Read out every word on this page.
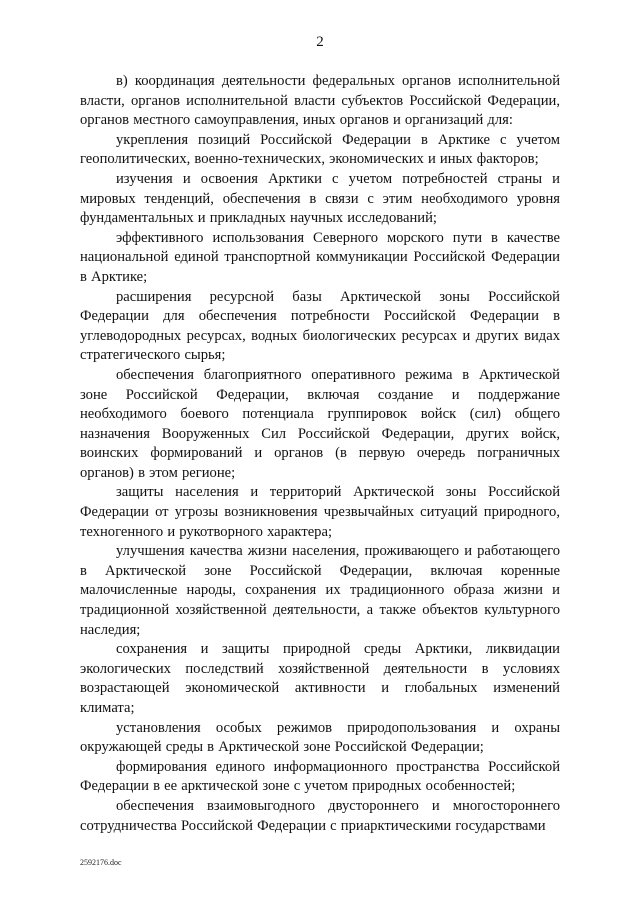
2

в) координация деятельности федеральных органов исполнительной власти, органов исполнительной власти субъектов Российской Федерации, органов местного самоуправления, иных органов и организаций для:

укрепления позиций Российской Федерации в Арктике с учетом геополитических, военно-технических, экономических и иных факторов;

изучения и освоения Арктики с учетом потребностей страны и мировых тенденций, обеспечения в связи с этим необходимого уровня фундаментальных и прикладных научных исследований;

эффективного использования Северного морского пути в качестве национальной единой транспортной коммуникации Российской Федерации в Арктике;

расширения ресурсной базы Арктической зоны Российской Федерации для обеспечения потребности Российской Федерации в углеводородных ресурсах, водных биологических ресурсах и других видах стратегического сырья;

обеспечения благоприятного оперативного режима в Арктической зоне Российской Федерации, включая создание и поддержание необходимого боевого потенциала группировок войск (сил) общего назначения Вооруженных Сил Российской Федерации, других войск, воинских формирований и органов (в первую очередь пограничных органов) в этом регионе;

защиты населения и территорий Арктической зоны Российской Федерации от угрозы возникновения чрезвычайных ситуаций природного, техногенного и рукотворного характера;

улучшения качества жизни населения, проживающего и работающего в Арктической зоне Российской Федерации, включая коренные малочисленные народы, сохранения их традиционного образа жизни и традиционной хозяйственной деятельности, а также объектов культурного наследия;

сохранения и защиты природной среды Арктики, ликвидации экологических последствий хозяйственной деятельности в условиях возрастающей экономической активности и глобальных изменений климата;

установления особых режимов природопользования и охраны окружающей среды в Арктической зоне Российской Федерации;

формирования единого информационного пространства Российской Федерации в ее арктической зоне с учетом природных особенностей;

обеспечения взаимовыгодного двустороннего и многостороннего сотрудничества Российской Федерации с приарктическими государствами

2592176.doc
